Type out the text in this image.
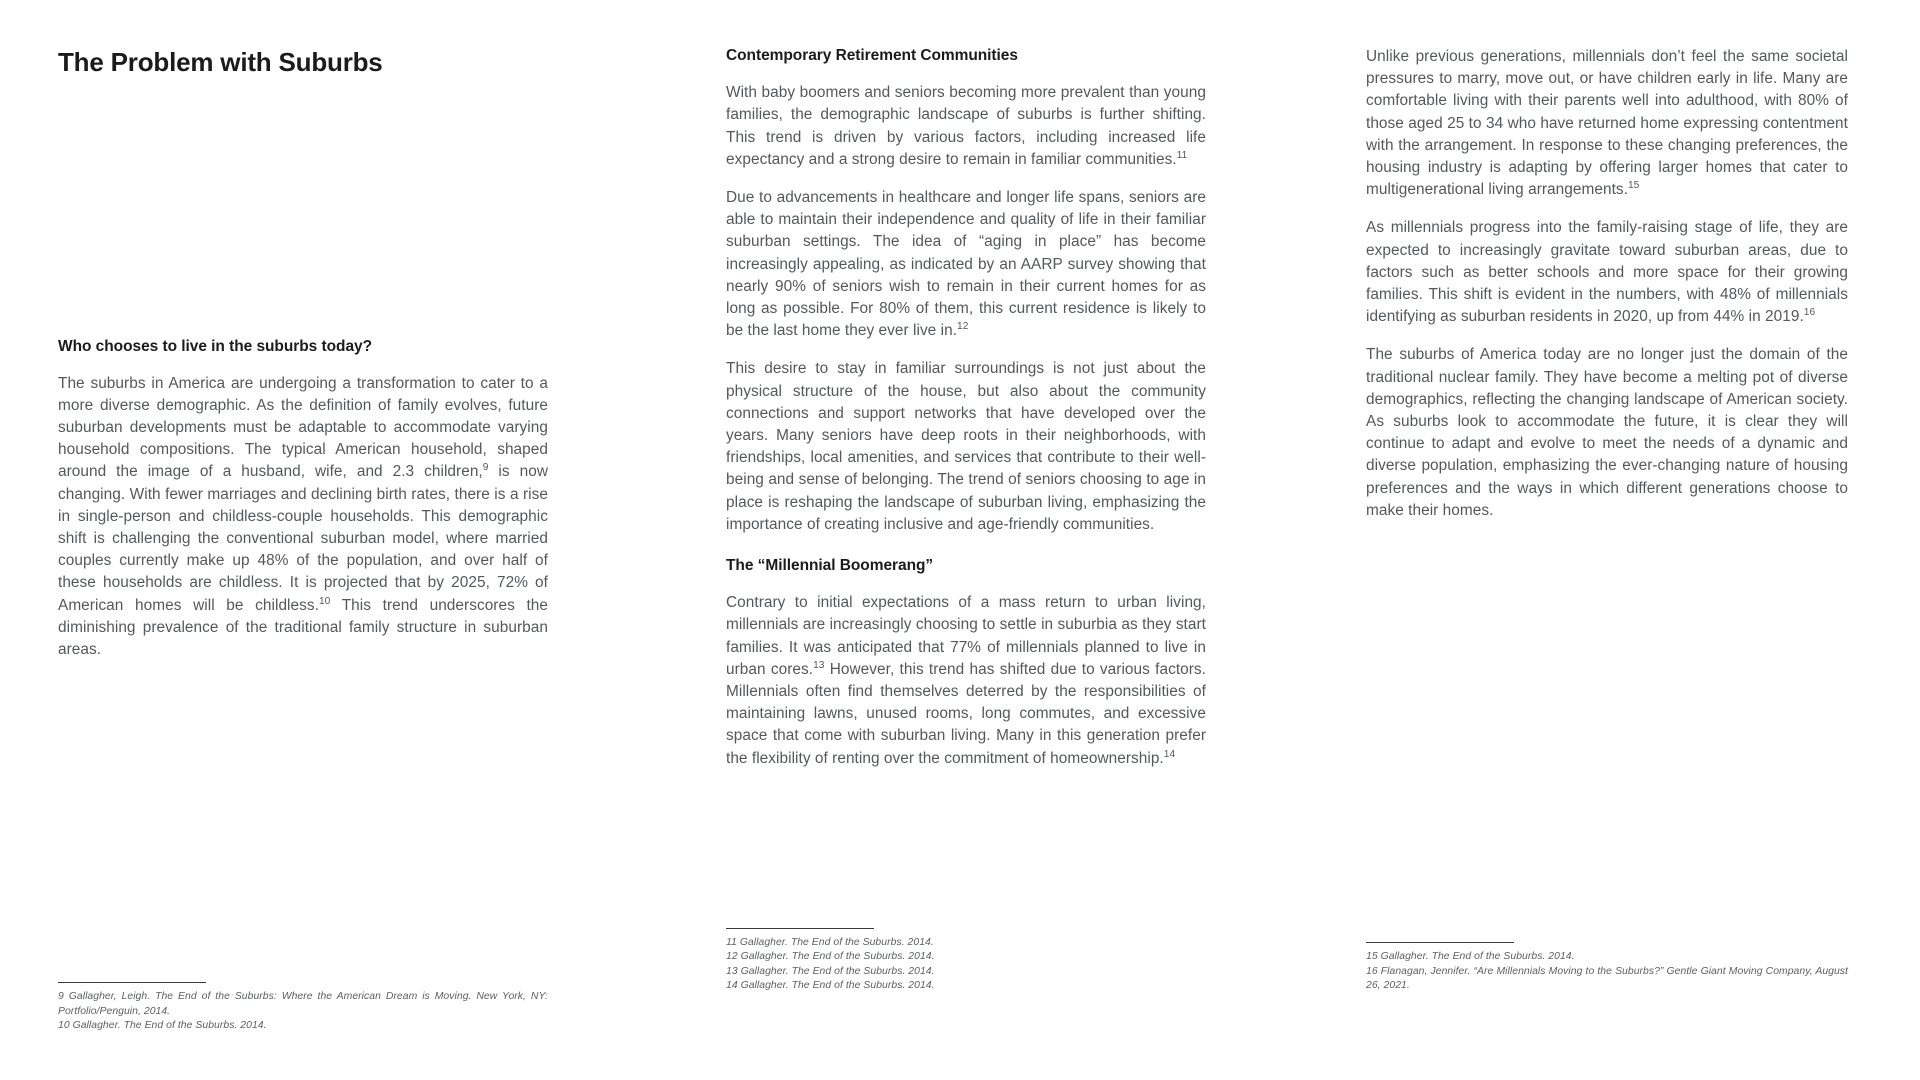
The Problem with Suburbs
Who chooses to live in the suburbs today?

The suburbs in America are undergoing a transformation to cater to a more diverse demographic. As the definition of family evolves, future suburban developments must be adaptable to accommodate varying household compositions. The typical American household, shaped around the image of a husband, wife, and 2.3 children,$^9$ is now changing. With fewer marriages and declining birth rates, there is a rise in single-person and childless-couple households. This demographic shift is challenging the conventional suburban model, where married couples currently make up 48% of the population, and over half of these households are childless. It is projected that by 2025, 72% of American homes will be childless.$^{10}$ This trend underscores the diminishing prevalence of the traditional family structure in suburban areas.

9 Gallagher, Leigh. The End of the Suburbs: Where the American Dream is Moving. New York, NY: Portfolio/Penguin, 2014.

10 Gallagher. The End of the Suburbs. 2014.

Contemporary Retirement Communities

With baby boomers and seniors becoming more prevalent than young families, the demographic landscape of suburbs is further shifting. This trend is driven by various factors, including increased life expectancy and a strong desire to remain in familiar communities.$^{11}$

Due to advancements in healthcare and longer life spans, seniors are able to maintain their independence and quality of life in their familiar suburban settings. The idea of “aging in place” has become increasingly appealing, as indicated by an AARP survey showing that nearly 90% of seniors wish to remain in their current homes for as long as possible. For 80% of them, this current residence is likely to be the last home they ever live in.$^{12}$

This desire to stay in familiar surroundings is not just about the physical structure of the house, but also about the community connections and support networks that have developed over the years. Many seniors have deep roots in their neighborhoods, with friendships, local amenities, and services that contribute to their well-being and sense of belonging. The trend of seniors choosing to age in place is reshaping the landscape of suburban living, emphasizing the importance of creating inclusive and age-friendly communities.

The “Millennial Boomerang”

Contrary to initial expectations of a mass return to urban living, millennials are increasingly choosing to settle in suburbia as they start families. It was anticipated that 77% of millennials planned to live in urban cores.$^{13}$ However, this trend has shifted due to various factors. Millennials often find themselves deterred by the responsibilities of maintaining lawns, unused rooms, long commutes, and excessive space that come with suburban living. Many in this generation prefer the flexibility of renting over the commitment of homeownership.$^{14}$

11 Gallagher. The End of the Suburbs. 2014.

12 Gallagher. The End of the Suburbs. 2014.

13 Gallagher. The End of the Suburbs. 2014.

14 Gallagher. The End of the Suburbs. 2014.

Unlike previous generations, millennials don’t feel the same societal pressures to marry, move out, or have children early in life. Many are comfortable living with their parents well into adulthood, with 80% of those aged 25 to 34 who have returned home expressing contentment with the arrangement. In response to these changing preferences, the housing industry is adapting by offering larger homes that cater to multigenerational living arrangements.$^{15}$

As millennials progress into the family-raising stage of life, they are expected to increasingly gravitate toward suburban areas, due to factors such as better schools and more space for their growing families. This shift is evident in the numbers, with 48% of millennials identifying as suburban residents in 2020, up from 44% in 2019.16

The suburbs of America today are no longer just the domain of the traditional nuclear family. They have become a melting pot of diverse demographics, reflecting the changing landscape of American society. As suburbs look to accommodate the future, it is clear they will continue to adapt and evolve to meet the needs of a dynamic and diverse population, emphasizing the ever-changing nature of housing preferences and the ways in which different generations choose to make their homes.

15 Gallagher. The End of the Suburbs. 2014.

16 Flanagan, Jennifer. “Are Millennials Moving to the Suburbs?” Gentle Giant Moving Company, August 26, 2021.
